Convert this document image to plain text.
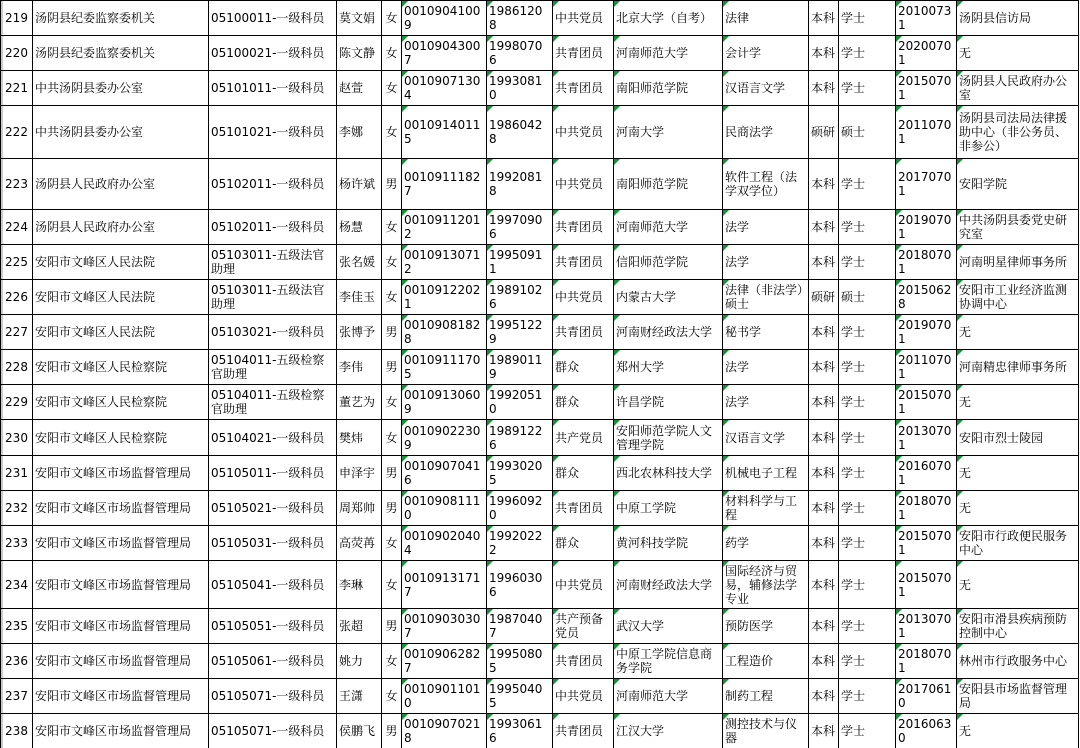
219	汤阴县纪委监察委机关	05100011-一级科员	莫文娟	女	00109041009	19861208	中共党员	北京大学（自考）	法律	本科	学士	20100731	汤阴县信访局
220	汤阴县纪委监察委机关	05100021-一级科员	陈文静	女	00109043007	19980706	共青团员	河南师范大学	会计学	本科	学士	20200701	无
221	中共汤阴县委办公室	05101011-一级科员	赵萱	女	00109071304	19930810	共青团员	南阳师范学院	汉语言文学	本科	学士	20150701	汤阴县人民政府办公室
222	中共汤阴县委办公室	05101021-一级科员	李娜	女	00109140115	19860428	中共党员	河南大学	民商法学	硕研	硕士	20110701	汤阴县司法局法律援助中心（非公务员、非参公）
223	汤阴县人民政府办公室	05102011-一级科员	杨许斌	男	00109111827	19920818	中共党员	南阳师范学院	软件工程（法学双学位）	本科	学士	20170701	安阳学院
224	汤阴县人民政府办公室	05102011-一级科员	杨慧	女	00109112012	19970906	共青团员	河南师范大学	法学	本科	学士	20190701	中共汤阴县委党史研究室
225	安阳市文峰区人民法院	05103011-五级法官助理	张名媛	女	00109130712	19950911	共青团员	信阳师范学院	法学	本科	学士	20180701	河南明星律师事务所
226	安阳市文峰区人民法院	05103011-五级法官助理	李佳玉	女	00109122021	19891026	中共党员	内蒙古大学	法律（非法学）硕士	硕研	硕士	20150628	安阳市工业经济监测协调中心
227	安阳市文峰区人民法院	05103021-一级科员	张博予	男	00109081828	19951229	共青团员	河南财经政法大学	秘书学	本科	学士	20190701	无
228	安阳市文峰区人民检察院	05104011-五级检察官助理	李伟	男	00109111705	19890119	群众	郑州大学	法学	本科	学士	20110701	河南精忠律师事务所
229	安阳市文峰区人民检察院	05104011-五级检察官助理	董艺为	女	00109130609	19920510	群众	许昌学院	法学	本科	学士	20150701	无
230	安阳市文峰区人民检察院	05104021-一级科员	樊炜	女	00109022309	19891226	共产党员	安阳师范学院人文管理学院	汉语言文学	本科	学士	20130701	安阳市烈士陵园
231	安阳市文峰区市场监督管理局	05105011-一级科员	申泽宇	男	00109070416	19930205	群众	西北农林科技大学	机械电子工程	本科	学士	20160701	无
232	安阳市文峰区市场监督管理局	05105021-一级科员	周郑帅	男	00109081110	19960920	共青团员	中原工学院	材料科学与工程	本科	学士	20180701	无
233	安阳市文峰区市场监督管理局	05105031-一级科员	高荧苒	女	00109020404	19920222	群众	黄河科技学院	药学	本科	学士	20150701	安阳市行政便民服务中心
234	安阳市文峰区市场监督管理局	05105041-一级科员	李琳	女	00109131717	19960306	中共党员	河南财经政法大学	国际经济与贸易，辅修法学专业	本科	学士	20150701	无
235	安阳市文峰区市场监督管理局	05105051-一级科员	张超	男	00109030307	19870407	共产预备党员	武汉大学	预防医学	本科	学士	20130701	安阳市滑县疾病预防控制中心
236	安阳市文峰区市场监督管理局	05105061-一级科员	姚力	女	00109062827	19950805	共青团员	中原工学院信息商务学院	工程造价	本科	学士	20180701	林州市行政服务中心
237	安阳市文峰区市场监督管理局	05105071-一级科员	王潇	女	00109011010	19950405	中共党员	河南师范大学	制药工程	本科	学士	20170610	安阳县市场监督管理局
238	安阳市文峰区市场监督管理局	05105071-一级科员	侯鹏飞	男	00109070218	19930616	共青团员	江汉大学	测控技术与仪器	本科	学士	20160630	无
